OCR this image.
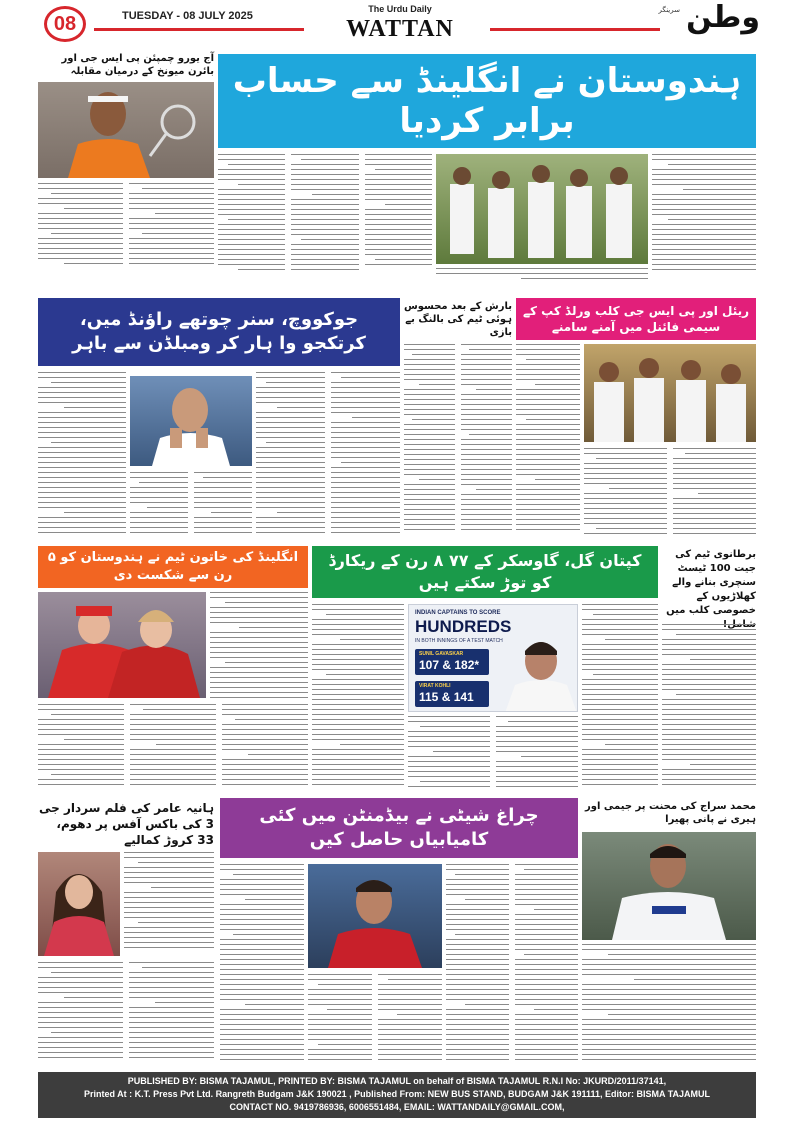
08	TUESDAY - 08 JULY 2025
The Urdu Daily
WATTAN	وطن
سرینگر
آج یورو چمپئن پی ایس جی اور بائرن میونخ کے درمیان مقابلہ ہندوستان نے انگلینڈ سے حساب برابر کردیا
ریئل اور پی ایس جی کلب ورلڈ کپ کے سیمی فائنل میں آمنے سامنے
بارش کے بعد محسوس ہوئی ٹیم کی بالنگ بے بازی
جوکووچ، سنر چوتھے راؤنڈ میں، کرتکجو وا ہار کر ومبلڈن سے باہر
انگلینڈ کی خاتون ٹیم نے ہندوستان کو ۵ رن سے شکست دی
کپتان گل، گاوسکر کے ۷۷ ۸ رن کے ریکارڈ کو توڑ سکتے ہیں
برطانوی ٹیم کی جیت 100 ٹیسٹ سنچری بنانے والے کھلاڑیوں کے خصوصی کلب میں
INDIAN CAPTAINS TO SCORE
HUNDREDS
IN BOTH INNINGS OF A TEST MATCH
SUNIL GAVASKAR
107 & 182*
VIRAT KOHLI
115 & 141
ہانیہ عامر کی فلم سردار جی 3 کی باکس آفس پر دھوم، 33 کروڑ کمالیے
چراغ شیٹی نے بیڈمنٹن میں کئی کامیابیاں حاصل کیں
محمد سراج کی محنت پر جیمی اور ہیری نے پانی پھیرا
PUBLISHED BY: BISMA TAJAMUL, PRINTED BY: BISMA TAJAMUL on behalf of BISMA TAJAMUL R.N.I No: JKURD/2011/37141,
Printed At : K.T. Press Pvt Ltd. Rangreth Budgam J&K 190021 , Published From: NEW BUS STAND, BUDGAM J&K 191111, Editor: BISMA TAJAMUL
CONTACT NO. 9419786936, 6006551484, EMAIL: WATTANDAILY@GMAIL.COM,
